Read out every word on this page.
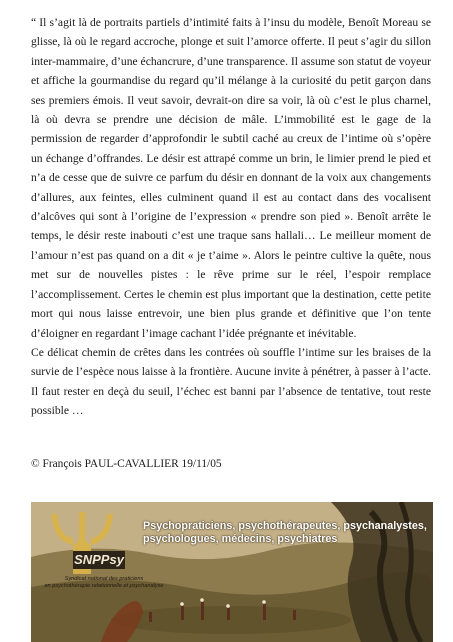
“ Il s’agit là de portraits partiels d’intimité faits à l’insu du modèle, Benoît Moreau se glisse, là où le regard accroche, plonge et suit l’amorce offerte. Il peut s’agir du sillon inter-mammaire, d’une échancrure, d’une transparence. Il assume son statut de voyeur et affiche la gourmandise du regard qu’il mélange à la curiosité du petit garçon dans ses premiers émois. Il veut savoir, devrait-on dire sa voir, là où c’est le plus charnel, là où devra se prendre une décision de mâle. L’immobilité est le gage de la permission de regarder d’approfondir le subtil caché au creux de l’intime où s’opère un échange d’offrandes. Le désir est attrapé comme un brin, le limier prend le pied et n’a de cesse que de suivre ce parfum du désir en donnant de la voix aux changements d’allures, aux feintes, elles culminent quand il est au contact dans des vocalisent d’alcôves qui sont à l’origine de l’expression « prendre son pied ». Benoît arrête le temps, le désir reste inabouti c’est une traque sans hallali… Le meilleur moment de l’amour n’est pas quand on a dit « je t’aime ». Alors le peintre cultive la quête, nous met sur de nouvelles pistes : le rêve prime sur le réel, l’espoir remplace l’accomplissement. Certes le chemin est plus important que la destination, cette petite mort qui nous laisse entrevoir, une bien plus grande et définitive que l’on tente d’éloigner en regardant l’image cachant l’idée prégnante et inévitable.

Ce délicat chemin de crêtes dans les contrées où souffle l’intime sur les braises de la survie de l’espèce nous laisse à la frontière. Aucune invite à pénétrer, à passer à l’acte. Il faut rester en deçà du seuil, l’échec est banni par l’absence de tentative, tout reste possible …

© François PAUL-CAVALLIER 19/11/05
SNPPsy
Syndicat national des praticiens
en psychothérapie relationnelle et psychanalyse
Psychopraticiens, psychothérapeutes, psychanalystes,
psychologues, médecins, psychiatres
